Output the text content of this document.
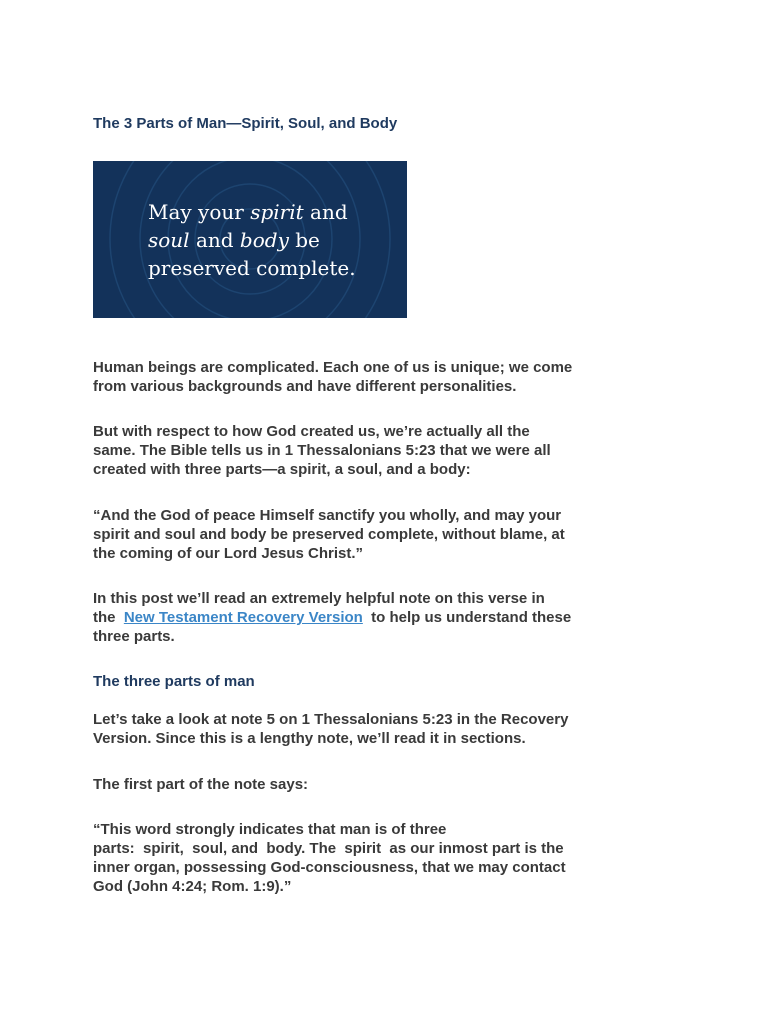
The 3 Parts of Man—Spirit, Soul, and Body
May your spirit and
soul and body be
preserved complete.

Human beings are complicated. Each one of us is unique; we come
from various backgrounds and have different personalities.

But with respect to how God created us, we’re actually all the
same. The Bible tells us in 1 Thessalonians 5:23 that we were all
created with three parts—a spirit, a soul, and a body:

“And the God of peace Himself sanctify you wholly, and may your
spirit and soul and body be preserved complete, without blame, at
the coming of our Lord Jesus Christ.”

In this post we’ll read an extremely helpful note on this verse in
the  New Testament Recovery Version  to help us understand these
three parts.

The three parts of man

Let’s take a look at note 5 on 1 Thessalonians 5:23 in the Recovery
Version. Since this is a lengthy note, we’ll read it in sections.

The first part of the note says:

“This word strongly indicates that man is of three
parts:  spirit,  soul, and  body. The  spirit  as our inmost part is the
inner organ, possessing God-consciousness, that we may contact
God (John 4:24; Rom. 1:9).”
